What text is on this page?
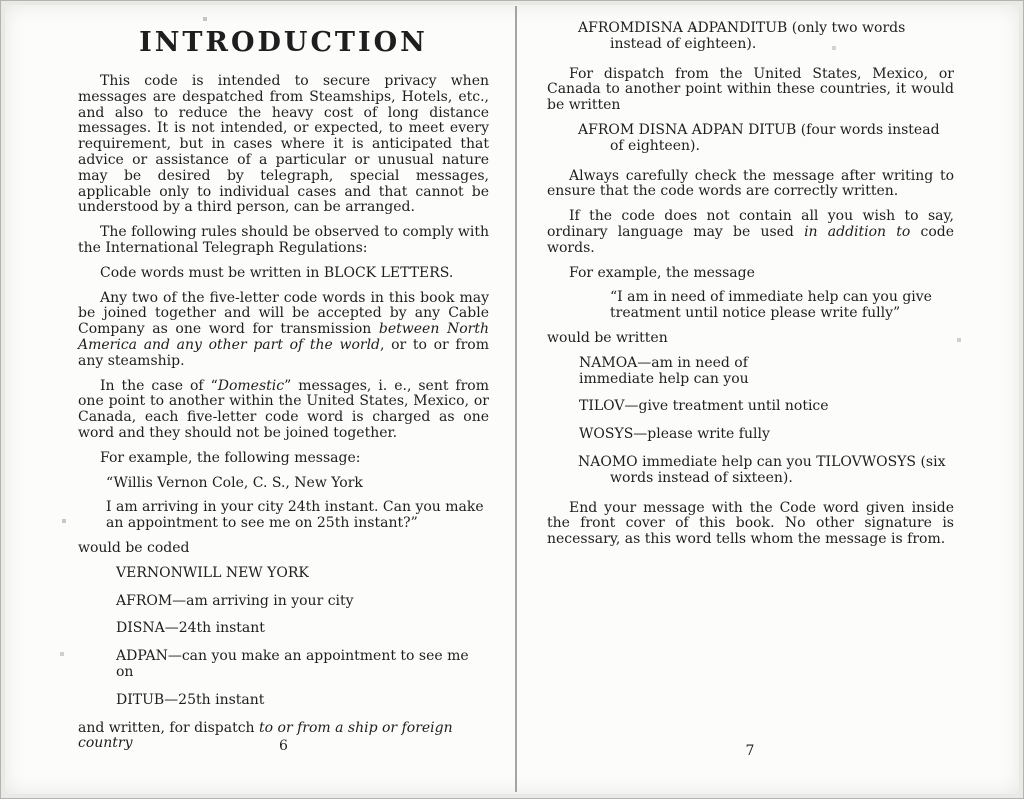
INTRODUCTION

This code is intended to secure privacy when messages are despatched from Steamships, Hotels, etc., and also to reduce the heavy cost of long distance messages. It is not intended, or expected, to meet every requirement, but in cases where it is anticipated that advice or assistance of a particular or unusual nature may be desired by telegraph, special messages, applicable only to individual cases and that cannot be understood by a third person, can be arranged.

The following rules should be observed to comply with the International Telegraph Regulations:

Code words must be written in BLOCK LETTERS.

Any two of the five-letter code words in this book may be joined together and will be accepted by any Cable Company as one word for transmission between North America and any other part of the world, or to or from any steamship.

In the case of “Domestic” messages, i. e., sent from one point to another within the United States, Mexico, or Canada, each five-letter code word is charged as one word and they should not be joined together.

For example, the following message:

“Willis Vernon Cole, C. S., New York

I am arriving in your city 24th instant. Can you make an appointment to see me on 25th instant?”

would be coded

VERNONWILL NEW YORK

AFROM—am arriving in your city

DISNA—24th instant

ADPAN—can you make an appointment to see me on

DITUB—25th instant

and written, for dispatch to or from a ship or foreign country

AFROMDISNA ADPANDITUB (only two words instead of eighteen).

For dispatch from the United States, Mexico, or Canada to another point within these countries, it would be written

AFROM DISNA ADPAN DITUB (four words instead of eighteen).

Always carefully check the message after writing to ensure that the code words are correctly written.

If the code does not contain all you wish to say, ordinary language may be used in addition to code words.

For example, the message

“I am in need of immediate help can you give treatment until notice please write fully”

would be written

NAMOA—am in need of

immediate help can you

TILOV—give treatment until notice

WOSYS—please write fully

NAOMO immediate help can you TILOVWOSYS (six words instead of sixteen).

End your message with the Code word given inside the front cover of this book. No other signature is necessary, as this word tells whom the message is from.

6	7
